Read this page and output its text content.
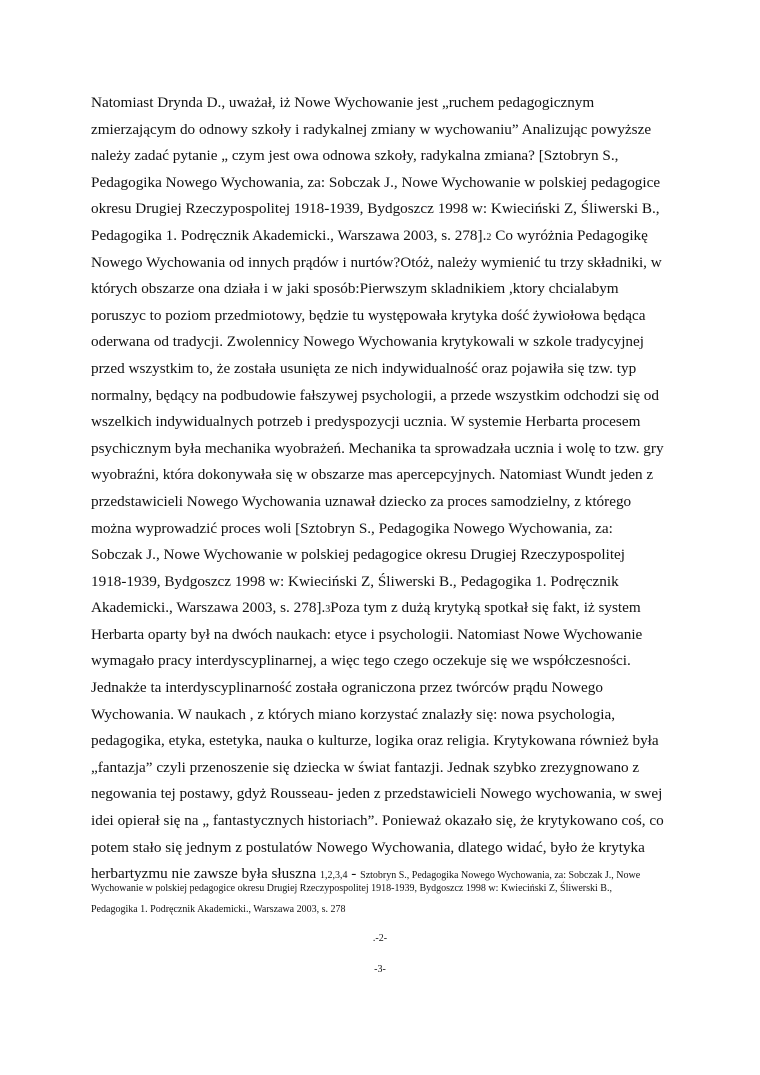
Natomiast Drynda D., uważał, iż Nowe Wychowanie jest „ruchem pedagogicznym
zmierzającym do odnowy szkoły i radykalnej zmiany w wychowaniu” Analizując powyższe
należy zadać pytanie „ czym jest owa odnowa szkoły, radykalna zmiana? [Sztobryn S.,
Pedagogika Nowego Wychowania, za: Sobczak J., Nowe Wychowanie w polskiej pedagogice
okresu Drugiej Rzeczypospolitej 1918-1939, Bydgoszcz 1998 w: Kwieciński Z, Śliwerski B.,
Pedagogika 1. Podręcznik Akademicki., Warszawa 2003, s. 278].2 Co wyróżnia Pedagogikę
Nowego Wychowania od innych prądów i nurtów?Otóż, należy wymienić tu trzy składniki, w
których obszarze ona działa i w jaki sposób:Pierwszym skladnikiem ,ktory chcialabym
poruszyc to poziom przedmiotowy, będzie tu występowała krytyka dość żywiołowa będąca
oderwana od tradycji. Zwolennicy Nowego Wychowania krytykowali w szkole tradycyjnej
przed wszystkim to, że została usunięta ze nich indywidualność oraz pojawiła się tzw. typ
normalny, będący na podbudowie fałszywej psychologii, a przede wszystkim odchodzi się od
wszelkich indywidualnych potrzeb i predyspozycji ucznia. W systemie Herbarta procesem
psychicznym była mechanika wyobrażeń. Mechanika ta sprowadzała ucznia i wolę to tzw. gry
wyobraźni, która dokonywała się w obszarze mas apercepcyjnych. Natomiast Wundt jeden z
przedstawicieli Nowego Wychowania uznawał dziecko za proces samodzielny, z którego
można wyprowadzić proces woli [Sztobryn S., Pedagogika Nowego Wychowania, za:
Sobczak J., Nowe Wychowanie w polskiej pedagogice okresu Drugiej Rzeczypospolitej
1918-1939, Bydgoszcz 1998 w: Kwieciński Z, Śliwerski B., Pedagogika 1. Podręcznik
Akademicki., Warszawa 2003, s. 278].3Poza tym z dużą krytyką spotkał się fakt, iż system
Herbarta oparty był na dwóch naukach: etyce i psychologii. Natomiast Nowe Wychowanie
wymagało pracy interdyscyplinarnej, a więc tego czego oczekuje się we współczesności.
Jednakże ta interdyscyplinarność została ograniczona przez twórców prądu Nowego
Wychowania. W naukach , z których miano korzystać znalazły się: nowa psychologia,
pedagogika, etyka, estetyka, nauka o kulturze, logika oraz religia. Krytykowana również była
„fantazja” czyli przenoszenie się dziecka w świat fantazji. Jednak szybko zrezygnowano z
negowania tej postawy, gdyż Rousseau- jeden z przedstawicieli Nowego wychowania, w swej
idei opierał się na „ fantastycznych historiach”. Ponieważ okazało się, że krytykowano coś, co
potem stało się jednym z postulatów Nowego Wychowania, dlatego widać, było że krytyka
herbartyzmu nie zawsze była słuszna 1,2,3,4 - Sztobryn S., Pedagogika Nowego Wychowania, za: Sobczak J., Nowe
Wychowanie w polskiej pedagogice okresu Drugiej Rzeczypospolitej 1918-1939, Bydgoszcz 1998 w: Kwieciński Z, Śliwerski B.,
Pedagogika 1. Podręcznik Akademicki., Warszawa 2003, s. 278
.-2-
-3-
